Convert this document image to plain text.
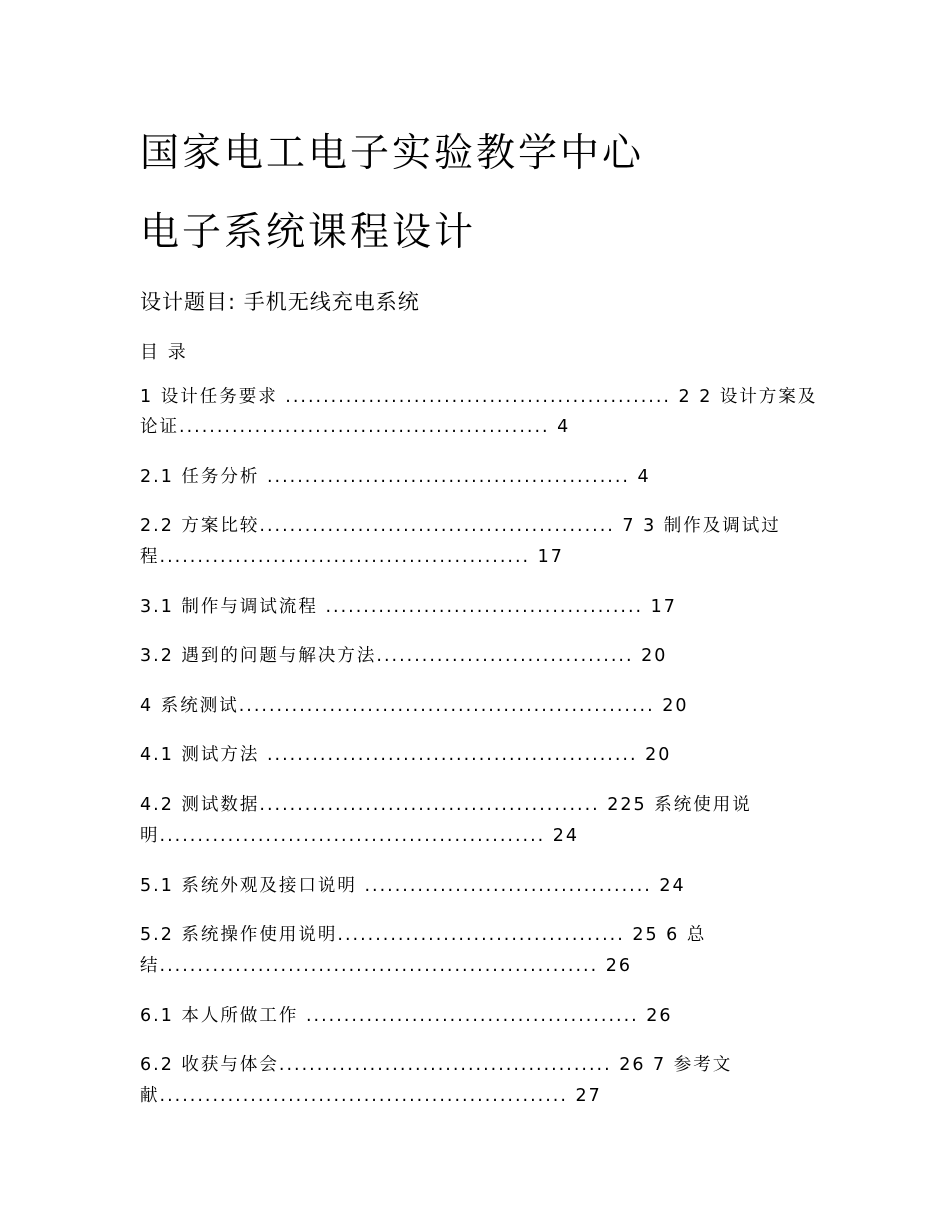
国家电工电子实验教学中心
电子系统课程设计
设计题目: 手机无线充电系统
目 录
1 设计任务要求 ................................................... 2 2 设计方案及
论证................................................. 4
2.1 任务分析 ................................................ 4
2.2 方案比较............................................... 7 3 制作及调试过
程................................................. 17
3.1 制作与调试流程 .......................................... 17
3.2 遇到的问题与解决方法.................................. 20
4 系统测试....................................................... 20
4.1 测试方法 ................................................. 20
4.2 测试数据............................................. 225 系统使用说
明................................................... 24
5.1 系统外观及接口说明 ...................................... 24
5.2 系统操作使用说明...................................... 25 6 总
结.......................................................... 26
6.1 本人所做工作 ............................................ 26
6.2 收获与体会............................................ 26 7 参考文
献...................................................... 27
